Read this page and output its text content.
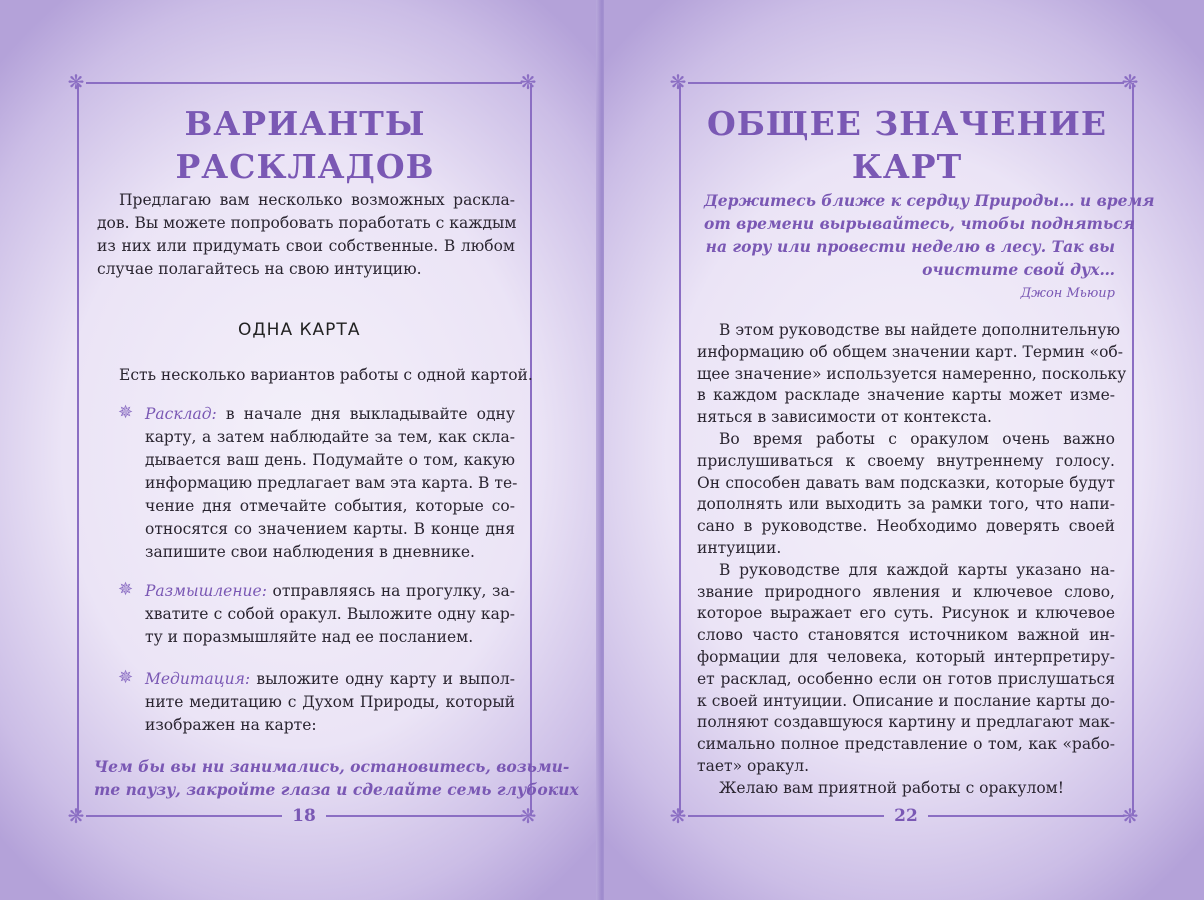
❋	❋
❋	❋
ВАРИАНТЫ
РАСКЛАДОВ
Предлагаю вам несколько возможных раскла-
дов. Вы можете попробовать поработать с каждым
из них или придумать свои собственные. В любом
случае полагайтесь на свою интуицию.
ОДНА КАРТА
Есть несколько вариантов работы с одной картой.
Чем бы вы ни занимались, остановитесь, возьми-
те паузу, закройте глаза и сделайте семь глубоких
18
✵ Расклад: в начале дня выкладывайте одну
карту, а затем наблюдайте за тем, как скла-
дывается ваш день. Подумайте о том, какую
информацию предлагает вам эта карта. В те-
чение дня отмечайте события, которые со-
относятся со значением карты. В конце дня
запишите свои наблюдения в дневнике.
✵ Размышление: отправляясь на прогулку, за-
хватите с собой оракул. Выложите одну кар-
ту и поразмышляйте над ее посланием.
✵ Медитация: выложите одну карту и выпол-
ните медитацию с Духом Природы, который
изображен на карте:
❋	❋
❋	❋
ОБЩЕЕ ЗНАЧЕНИЕ
КАРТ
Держитесь ближе к сердцу Природы… и время
от времени вырывайтесь, чтобы подняться
на гору или провести неделю в лесу. Так вы
очистите свой дух…
Джон Мьюир
В этом руководстве вы найдете дополнительную
информацию об общем значении карт. Термин «об-
щее значение» используется намеренно, поскольку
в каждом раскладе значение карты может изме-
няться в зависимости от контекста.
Во время работы с оракулом очень важно
прислушиваться к своему внутреннему голосу.
Он способен давать вам подсказки, которые будут
дополнять или выходить за рамки того, что напи-
сано в руководстве. Необходимо доверять своей
интуиции.
В руководстве для каждой карты указано на-
звание природного явления и ключевое слово,
которое выражает его суть. Рисунок и ключевое
слово часто становятся источником важной ин-
формации для человека, который интерпретиру-
ет расклад, особенно если он готов прислушаться
к своей интуиции. Описание и послание карты до-
полняют создавшуюся картину и предлагают мак-
симально полное представление о том, как «рабо-
тает» оракул.
Желаю вам приятной работы с оракулом!
22
